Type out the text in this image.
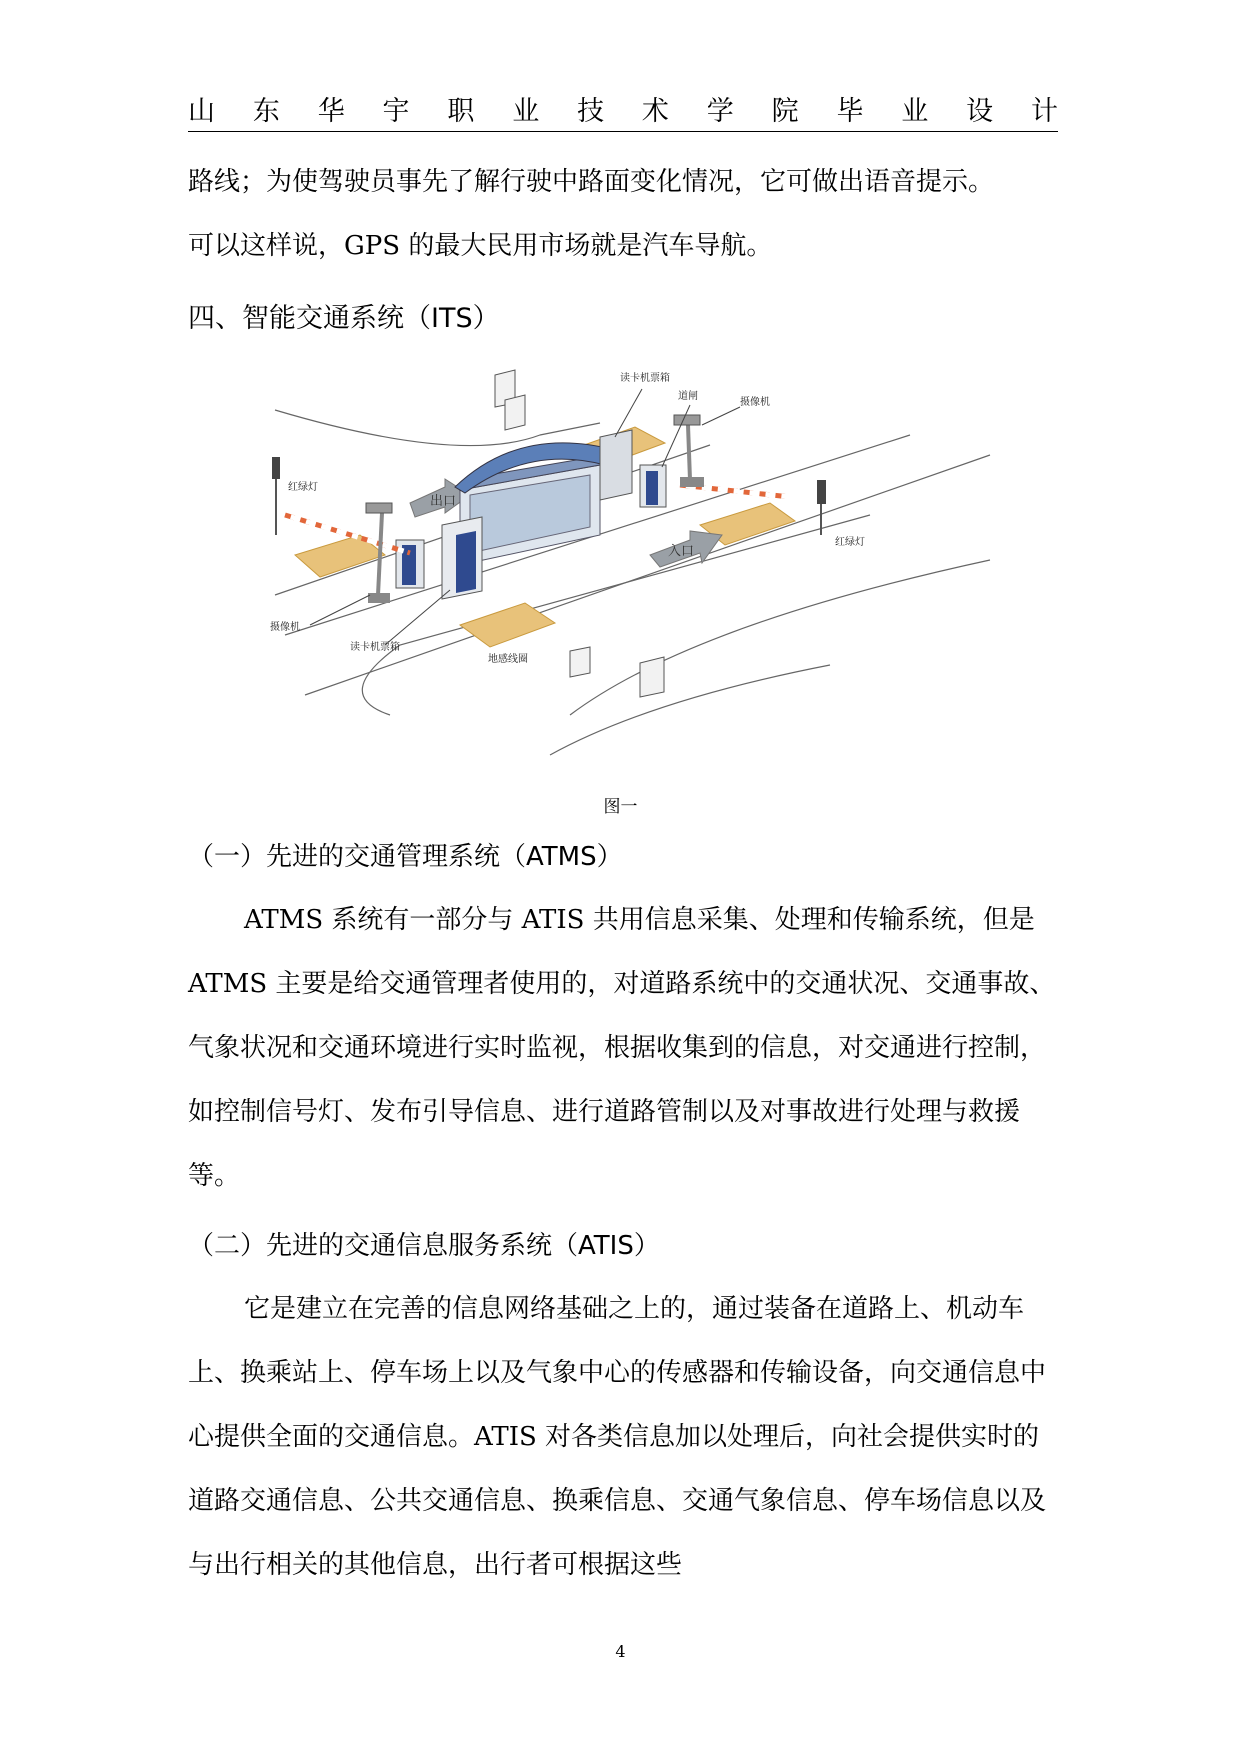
山 东 华 宇 职 业 技 术 学 院 毕 业 设 计

路线；为使驾驶员事先了解行驶中路面变化情况，它可做出语音提示。

可以这样说，GPS 的最大民用市场就是汽车导航。

四、智能交通系统（ITS）
读卡机票箱
道闸
摄像机
红绿灯
红绿灯
出口
入口
摄像机
读卡机票箱
地感线圈
图一
（一）先进的交通管理系统（ATMS）

ATMS 系统有一部分与 ATIS 共用信息采集、处理和传输系统，但是 ATMS 主要是给交通管理者使用的，对道路系统中的交通状况、交通事故、气象状况和交通环境进行实时监视，根据收集到的信息，对交通进行控制，如控制信号灯、发布引导信息、进行道路管制以及对事故进行处理与救援等。

（二）先进的交通信息服务系统（ATIS）

它是建立在完善的信息网络基础之上的，通过装备在道路上、机动车上、换乘站上、停车场上以及气象中心的传感器和传输设备，向交通信息中心提供全面的交通信息。ATIS 对各类信息加以处理后，向社会提供实时的道路交通信息、公共交通信息、换乘信息、交通气象信息、停车场信息以及与出行相关的其他信息，出行者可根据这些

4
